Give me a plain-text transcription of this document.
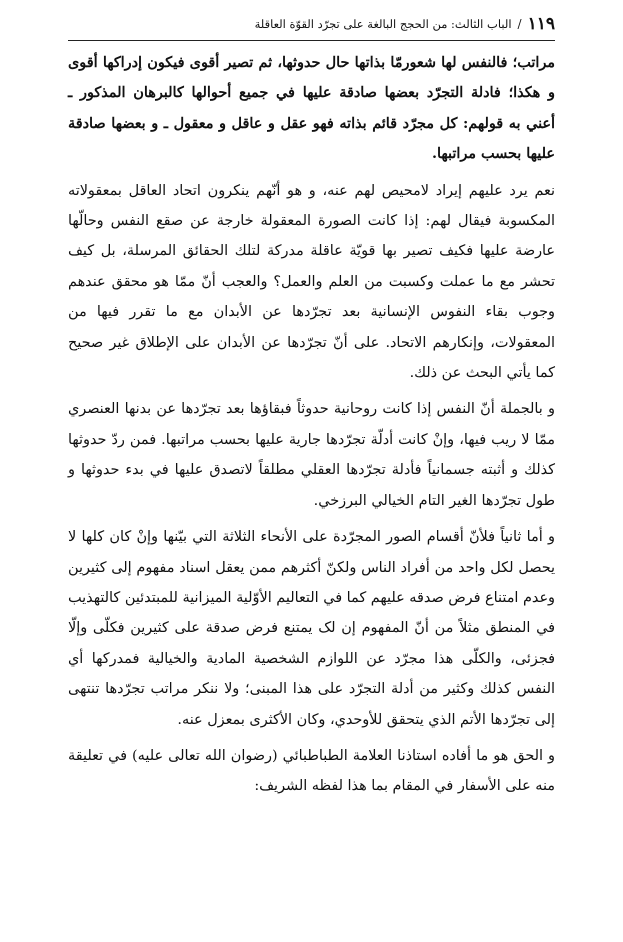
١١٩
/
الباب الثالث: من الحجج البالغة على تجرّد القوّة العاقلة

مراتب؛ فالنفس لها شعورمّا بذاتها حال حدوثها، ثم تصير أقوى فيكون إدراكها أقوى و هكذا؛ فادلة التجرّد بعضها صادقة عليها في جميع أحوالها كالبرهان المذكور ـ أعني به قولهم: كل مجرّد قائم بذاته فهو عقل و عاقل و معقول ـ و بعضها صادقة عليها بحسب مراتبها.

نعم يرد عليهم إيراد لامحيص لهم عنه، و هو أنّهم ينكرون اتحاد العاقل بمعقولاته المكسوبة فيقال لهم: إذا كانت الصورة المعقولة خارجة عن صقع النفس وحالّها عارضة عليها فكيف تصير بها قويّة عاقلة مدركة لتلك الحقائق المرسلة، بل كيف تحشر مع ما عملت وكسبت من العلم والعمل؟ والعجب أنّ ممّا هو محقق عندهم وجوب بقاء النفوس الإنسانية بعد تجرّدها عن الأبدان مع ما تقرر فيها من المعقولات، وإنكارهم الاتحاد. على أنّ تجرّدها عن الأبدان على الإطلاق غير صحيح كما يأتي البحث عن ذلك.

و بالجملة أنّ النفس إذا كانت روحانية حدوثاً فبقاؤها بعد تجرّدها عن بدنها العنصري ممّا لا ريب فيها، وإنْ كانت أدلّة تجرّدها جارية عليها بحسب مراتبها. فمن ردّ حدوثها كذلك و أثبته جسمانياً فأدلة تجرّدها العقلي مطلقاً لاتصدق عليها في بدء حدوثها و طول تجرّدها الغير التام الخيالي البرزخي.

و أما ثانياً فلأنّ أقسام الصور المجرّدة على الأنحاء الثلاثة التي بيّنها وإنْ كان كلها لا يحصل لكل واحد من أفراد الناس ولكنّ أكثرهم ممن يعقل اسناد مفهوم إلى كثيرين وعدم امتناع فرض صدقه عليهم كما في التعاليم الأوّلية الميزانية للمبتدئين كالتهذيب في المنطق مثلاً من أنّ المفهوم إن لک يمتنع فرض صدقة على كثيرين فكلّى وإلّا فجزئى، والكلّى هذا مجرّد عن اللوازم الشخصية المادية والخيالية فمدركها أي النفس كذلك وكثير من أدلة التجرّد على هذا المبنى؛ ولا ننكر مراتب تجرّدها تنتهى إلى تجرّدها الأتم الذي يتحقق للأوحدي، وكان الأكثرى بمعزل عنه.

و الحق هو ما أفاده استاذنا العلامة الطباطبائي (رضوان الله تعالى عليه) في تعليقة منه على الأسفار في المقام بما هذا لفظه الشريف:
